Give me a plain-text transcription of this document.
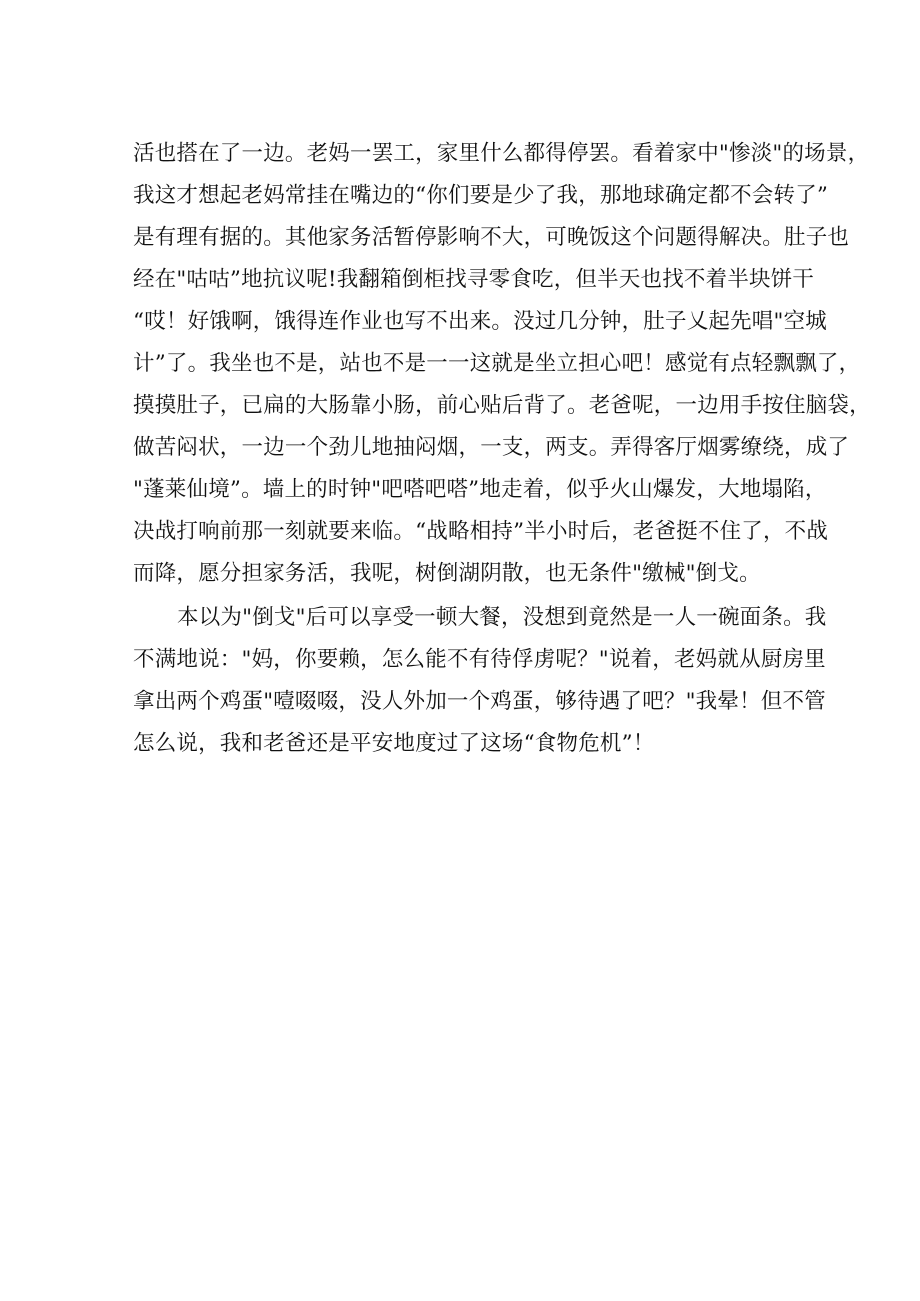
活也搭在了一边。老妈一罢工，家里什么都得停罢。看着家中"惨淡"的场景，
我这才想起老妈常挂在嘴边的“你们要是少了我，那地球确定都不会转了”
是有理有据的。其他家务活暂停影响不大，可晚饭这个问题得解决。肚子也
经在"咕咕”地抗议呢!我翻箱倒柜找寻零食吃，但半天也找不着半块饼干
“哎！好饿啊，饿得连作业也写不出来。没过几分钟，肚子乂起先唱"空城
计”了。我坐也不是，站也不是一一这就是坐立担心吧！感觉有点轻飘飘了，
摸摸肚子，已扁的大肠靠小肠，前心贴后背了。老爸呢，一边用手按住脑袋，
做苦闷状，一边一个劲儿地抽闷烟，一支，两支。弄得客厅烟雾缭绕，成了
"蓬莱仙境”。墙上的时钟"吧嗒吧嗒”地走着，似乎火山爆发，大地塌陷，
决战打响前那一刻就要来临。“战略相持”半小时后，老爸挺不住了，不战
而降，愿分担家务活，我呢，树倒湖阴散，也无条件"缴械"倒戈。
本以为"倒戈"后可以享受一顿大餐，没想到竟然是一人一碗面条。我
不满地说："妈，你要赖，怎么能不有待俘虏呢？"说着，老妈就从厨房里
拿出两个鸡蛋"噎啜啜，没人外加一个鸡蛋，够待遇了吧？"我晕！但不管
怎么说，我和老爸还是平安地度过了这场“食物危机”！
